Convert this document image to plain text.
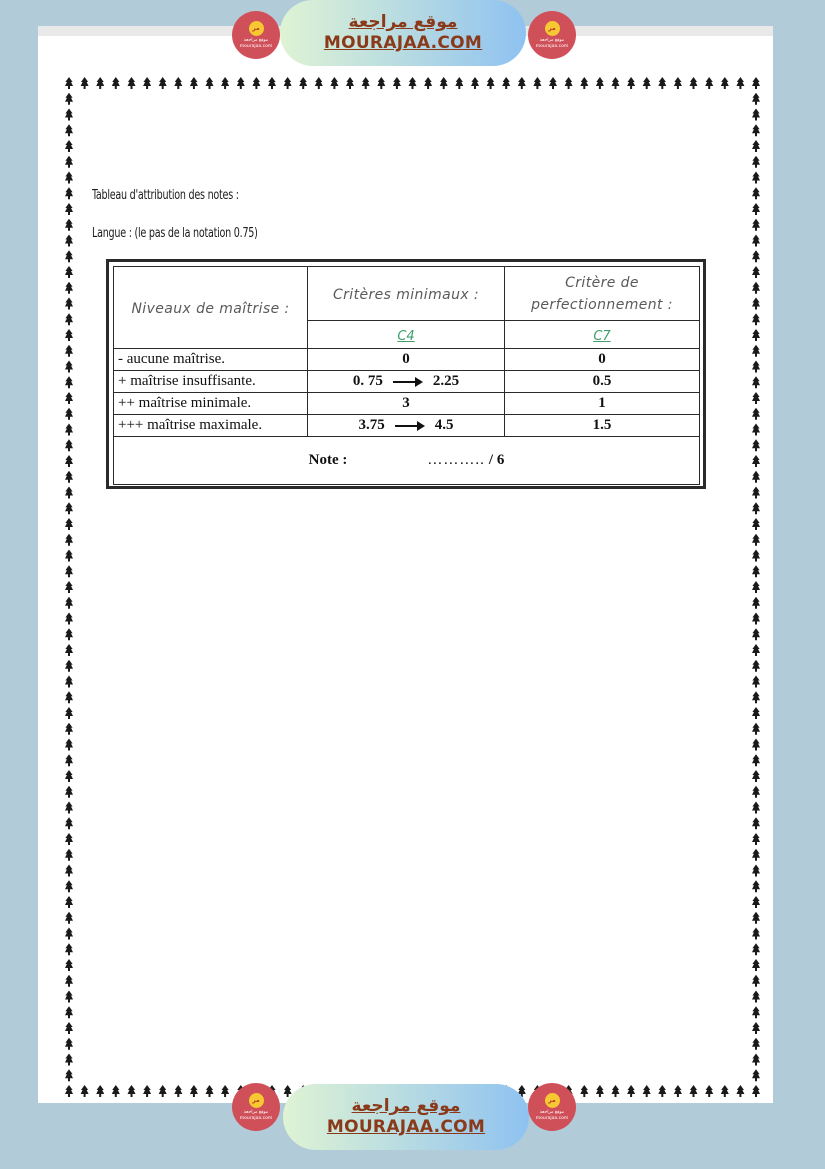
مر
موقع مراجعة
mourajaa.com
موقع مراجعة
MOURAJAA.COM
مر
موقع مراجعة
mourajaa.com
Tableau d'attribution des notes :
Langue : (le pas de la notation 0.75)
Niveaux de maîtrise :	Critères minimaux :	Critère de perfectionnement :
	C4	C7
- aucune maîtrise.	0	0
+ maîtrise insuffisante.	0. 75 2.25	0.5
++ maîtrise minimale.	3	1
+++ maîtrise maximale.	3.75 4.5	1.5
Note : ……….. / 6		
مر
موقع مراجعة
mourajaa.com
موقع مراجعة
MOURAJAA.COM
مر
موقع مراجعة
mourajaa.com
